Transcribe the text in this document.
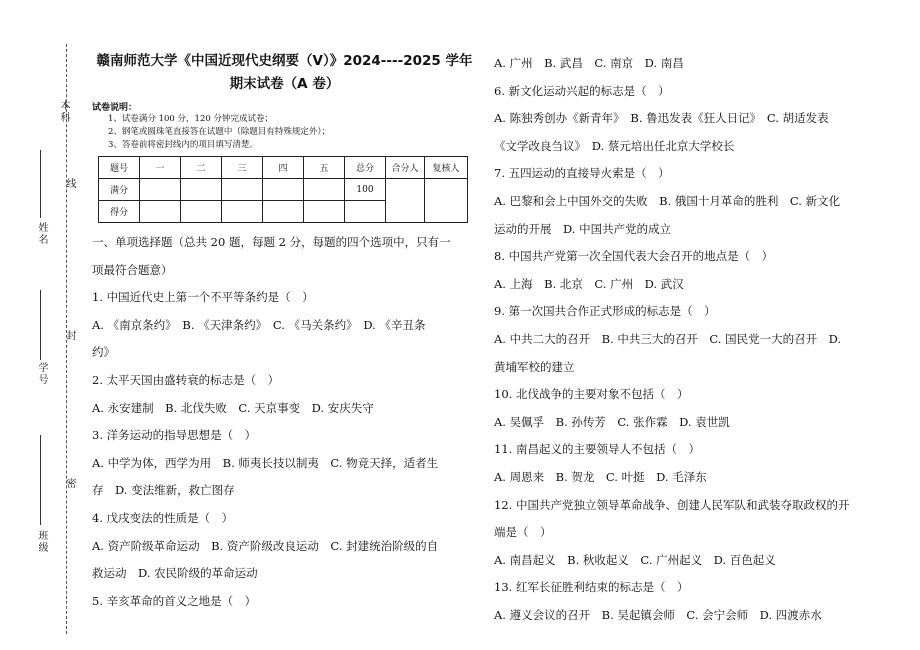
本科
线
姓名
学号
封
密
班级
赣南师范大学《中国近现代史纲要（V）》2024----2025 学年
期末试卷（A 卷）
试卷说明：
1、试卷满分 100 分，120 分钟完成试卷；
2、钢笔或圆珠笔直接答在试题中（除题目有特殊规定外）；
3、答卷前将密封线内的项目填写清楚。
题号	一	二	三	四	五	总分	合分人	复核人
满分						100		
得分								
一、单项选择题（总共 20 题，每题 2 分，每题的四个选项中，只有一
项最符合题意）
1. 中国近代史上第一个不平等条约是（　）
A. 《南京条约》　B. 《天津条约》　C. 《马关条约》　D. 《辛丑条
约》
2. 太平天国由盛转衰的标志是（　）
A. 永安建制　B. 北伐失败　C. 天京事变　D. 安庆失守
3. 洋务运动的指导思想是（　）
A. 中学为体，西学为用　B. 师夷长技以制夷　C. 物竞天择，适者生
存　D. 变法维新，救亡图存
4. 戊戌变法的性质是（　）
A. 资产阶级革命运动　B. 资产阶级改良运动　C. 封建统治阶级的自
救运动　D. 农民阶级的革命运动
5. 辛亥革命的首义之地是（　）
A. 广州　B. 武昌　C. 南京　D. 南昌
6. 新文化运动兴起的标志是（　）
A. 陈独秀创办《新青年》　B. 鲁迅发表《狂人日记》　C. 胡适发表
《文学改良刍议》　D. 蔡元培出任北京大学校长
7. 五四运动的直接导火索是（　）
A. 巴黎和会上中国外交的失败　B. 俄国十月革命的胜利　C. 新文化
运动的开展　D. 中国共产党的成立
8. 中国共产党第一次全国代表大会召开的地点是（　）
A. 上海　B. 北京　C. 广州　D. 武汉
9. 第一次国共合作正式形成的标志是（　）
A. 中共二大的召开　B. 中共三大的召开　C. 国民党一大的召开　D.
黄埔军校的建立
10. 北伐战争的主要对象不包括（　）
A. 吴佩孚　B. 孙传芳　C. 张作霖　D. 袁世凯
11. 南昌起义的主要领导人不包括（　）
A. 周恩来　B. 贺龙　C. 叶挺　D. 毛泽东
12. 中国共产党独立领导革命战争、创建人民军队和武装夺取政权的开
端是（　）
A. 南昌起义　B. 秋收起义　C. 广州起义　D. 百色起义
13. 红军长征胜利结束的标志是（　）
A. 遵义会议的召开　B. 吴起镇会师　C. 会宁会师　D. 四渡赤水
